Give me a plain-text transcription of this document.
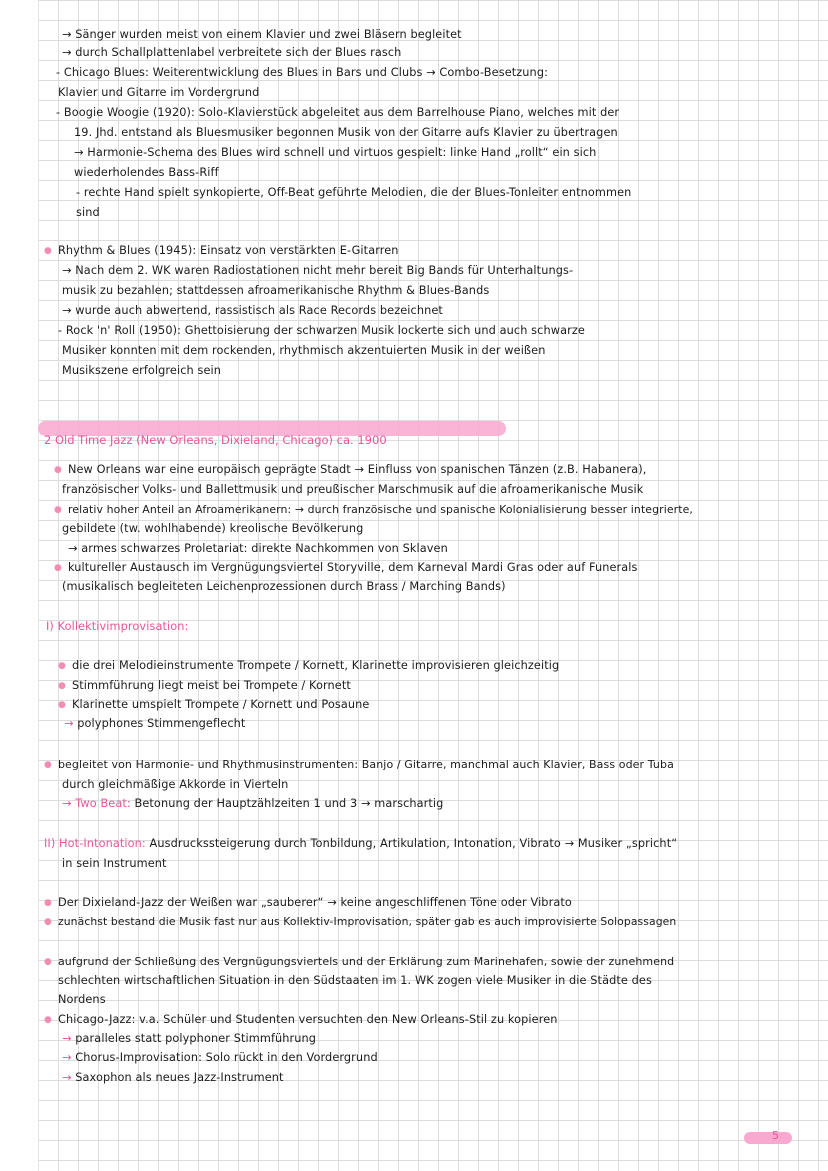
→ Sänger wurden meist von einem Klavier und zwei Bläsern begleitet

→ durch Schallplattenlabel verbreitete sich der Blues rasch

- Chicago Blues: Weiterentwicklung des Blues in Bars und Clubs → Combo-Besetzung:

Klavier und Gitarre im Vordergrund

- Boogie Woogie (1920): Solo-Klavierstück abgeleitet aus dem Barrelhouse Piano, welches mit der

19. Jhd. entstand als Bluesmusiker begonnen Musik von der Gitarre aufs Klavier zu übertragen

→ Harmonie-Schema des Blues wird schnell und virtuos gespielt: linke Hand „rollt“ ein sich

wiederholendes Bass-Riff

- rechte Hand spielt synkopierte, Off-Beat geführte Melodien, die der Blues-Tonleiter entnommen

sind

● Rhythm & Blues (1945): Einsatz von verstärkten E-Gitarren

→ Nach dem 2. WK waren Radiostationen nicht mehr bereit Big Bands für Unterhaltungs-

musik zu bezahlen; stattdessen afroamerikanische Rhythm & Blues-Bands

→ wurde auch abwertend, rassistisch als Race Records bezeichnet

- Rock 'n' Roll (1950): Ghettoisierung der schwarzen Musik lockerte sich und auch schwarze

Musiker konnten mit dem rockenden, rhythmisch akzentuierten Musik in der weißen

Musikszene erfolgreich sein

2 Old Time Jazz (New Orleans, Dixieland, Chicago) ca. 1900

● New Orleans war eine europäisch geprägte Stadt → Einfluss von spanischen Tänzen (z.B. Habanera),

französischer Volks- und Ballettmusik und preußischer Marschmusik auf die afroamerikanische Musik

● relativ hoher Anteil an Afroamerikanern: → durch französische und spanische Kolonialisierung besser integrierte,

gebildete (tw. wohlhabende) kreolische Bevölkerung

→ armes schwarzes Proletariat: direkte Nachkommen von Sklaven

● kultureller Austausch im Vergnügungsviertel Storyville, dem Karneval Mardi Gras oder auf Funerals

(musikalisch begleiteten Leichenprozessionen durch Brass / Marching Bands)

I) Kollektivimprovisation:

● die drei Melodieinstrumente Trompete / Kornett, Klarinette improvisieren gleichzeitig

● Stimmführung liegt meist bei Trompete / Kornett

● Klarinette umspielt Trompete / Kornett und Posaune

→ polyphones Stimmengeflecht

● begleitet von Harmonie- und Rhythmusinstrumenten: Banjo / Gitarre, manchmal auch Klavier, Bass oder Tuba

durch gleichmäßige Akkorde in Vierteln

→ Two Beat: Betonung der Hauptzählzeiten 1 und 3 → marschartig

II) Hot-Intonation: Ausdruckssteigerung durch Tonbildung, Artikulation, Intonation, Vibrato → Musiker „spricht“

in sein Instrument

● Der Dixieland-Jazz der Weißen war „sauberer“ → keine angeschliffenen Töne oder Vibrato

● zunächst bestand die Musik fast nur aus Kollektiv-Improvisation, später gab es auch improvisierte Solopassagen

● aufgrund der Schließung des Vergnügungsviertels und der Erklärung zum Marinehafen, sowie der zunehmend

schlechten wirtschaftlichen Situation in den Südstaaten im 1. WK zogen viele Musiker in die Städte des

Nordens

● Chicago-Jazz: v.a. Schüler und Studenten versuchten den New Orleans-Stil zu kopieren

→ paralleles statt polyphoner Stimmführung

→ Chorus-Improvisation: Solo rückt in den Vordergrund

→ Saxophon als neues Jazz-Instrument

5
